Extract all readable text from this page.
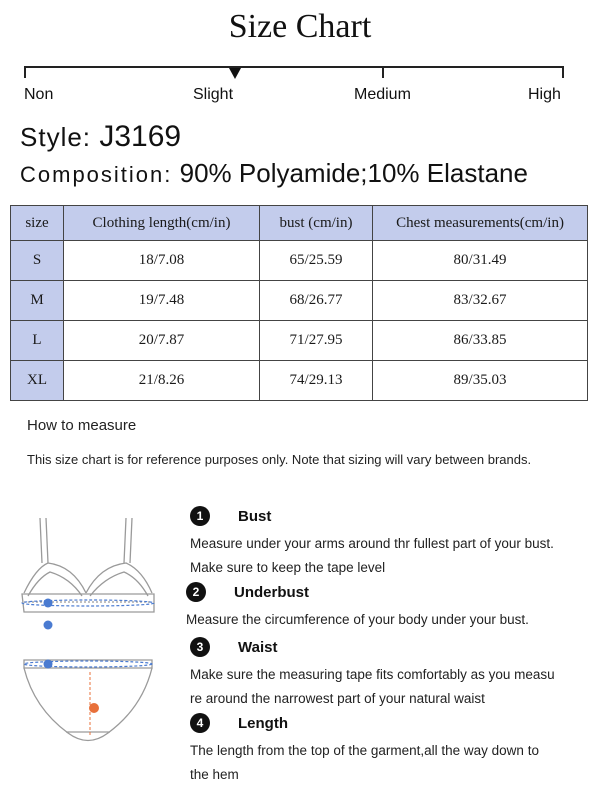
Size Chart
Non	Slight	Medium	High
Style: J3169
Composition: 90% Polyamide;10% Elastane
size	Clothing length(cm/in)	bust (cm/in)	Chest measurements(cm/in)
S	18/7.08	65/25.59	80/31.49
M	19/7.48	68/26.77	83/32.67
L	20/7.87	71/27.95	86/33.85
XL	21/8.26	74/29.13	89/35.03
How to measure
This size chart is for reference purposes only. Note that sizing will vary between brands.
1	Bust
Measure under your arms around thr fullest part of your bust.
Make sure to keep the tape level
2	Underbust
Measure the circumference of your body under your bust.
3	Waist
Make sure the measuring tape fits comfortably as you measu
re around the narrowest part of your natural waist
4	Length
The length from the top of the garment,all the way down to
the hem
